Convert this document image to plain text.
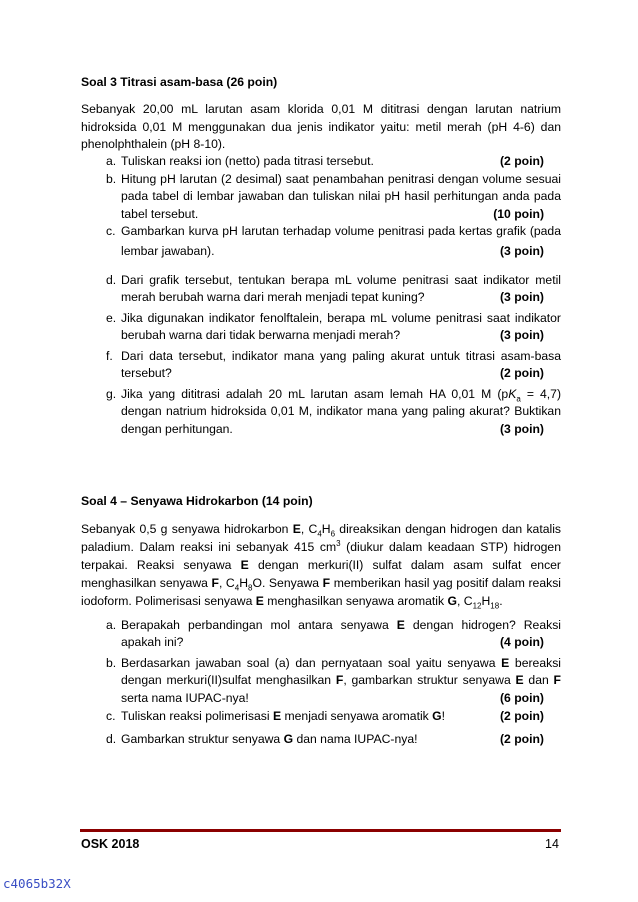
Soal 3 Titrasi asam-basa (26 poin)
Sebanyak 20,00 mL larutan asam klorida 0,01 M dititrasi dengan larutan natrium hidroksida 0,01 M menggunakan dua jenis indikator yaitu: metil merah (pH 4-6) dan phenolphthalein (pH 8-10).
a. Tuliskan reaksi ion (netto) pada titrasi tersebut.	(2 poin)
b. Hitung pH larutan (2 desimal) saat penambahan penitrasi dengan volume sesuai pada tabel di lembar jawaban dan tuliskan nilai pH hasil perhitungan anda pada tabel tersebut.	(10 poin)
c. Gambarkan kurva pH larutan terhadap volume penitrasi pada kertas grafik (pada lembar jawaban).	(3 poin)
d. Dari grafik tersebut, tentukan berapa mL volume penitrasi saat indikator metil merah berubah warna dari merah menjadi tepat kuning?	(3 poin)
e. Jika digunakan indikator fenolftalein, berapa mL volume penitrasi saat indikator berubah warna dari tidak berwarna menjadi merah?	(3 poin)
f. Dari data tersebut, indikator mana yang paling akurat untuk titrasi asam-basa tersebut?	(2 poin)
g. Jika yang dititrasi adalah 20 mL larutan asam lemah HA 0,01 M $(pK_a = 4,7)$ dengan natrium hidroksida 0,01 M, indikator mana yang paling akurat? Buktikan dengan perhitungan.	(3 poin)
Soal 4 – Senyawa Hidrokarbon (14 poin)
Sebanyak 0,5 g senyawa hidrokarbon E, $C_4H_6$ direaksikan dengan hidrogen dan katalis paladium. Dalam reaksi ini sebanyak 415 $cm^3$ (diukur dalam keadaan STP) hidrogen terpakai. Reaksi senyawa E dengan merkuri(II) sulfat dalam asam sulfat encer menghasilkan senyawa F, $C_4H_8O$. Senyawa F memberikan hasil yag positif dalam reaksi iodoform. Polimerisasi senyawa E menghasilkan senyawa aromatik G, $C_{12}H_{18}$.
a. Berapakah perbandingan mol antara senyawa E dengan hidrogen? Reaksi apakah ini?	(4 poin)
b. Berdasarkan jawaban soal (a) dan pernyataan soal yaitu senyawa E bereaksi dengan merkuri(II)sulfat menghasilkan F, gambarkan struktur senyawa E dan F serta nama IUPAC-nya!	(6 poin)
c. Tuliskan reaksi polimerisasi E menjadi senyawa aromatik G!	(2 poin)
d. Gambarkan struktur senyawa G dan nama IUPAC-nya!	(2 poin)
OSK 2018	14
c4065b32X
